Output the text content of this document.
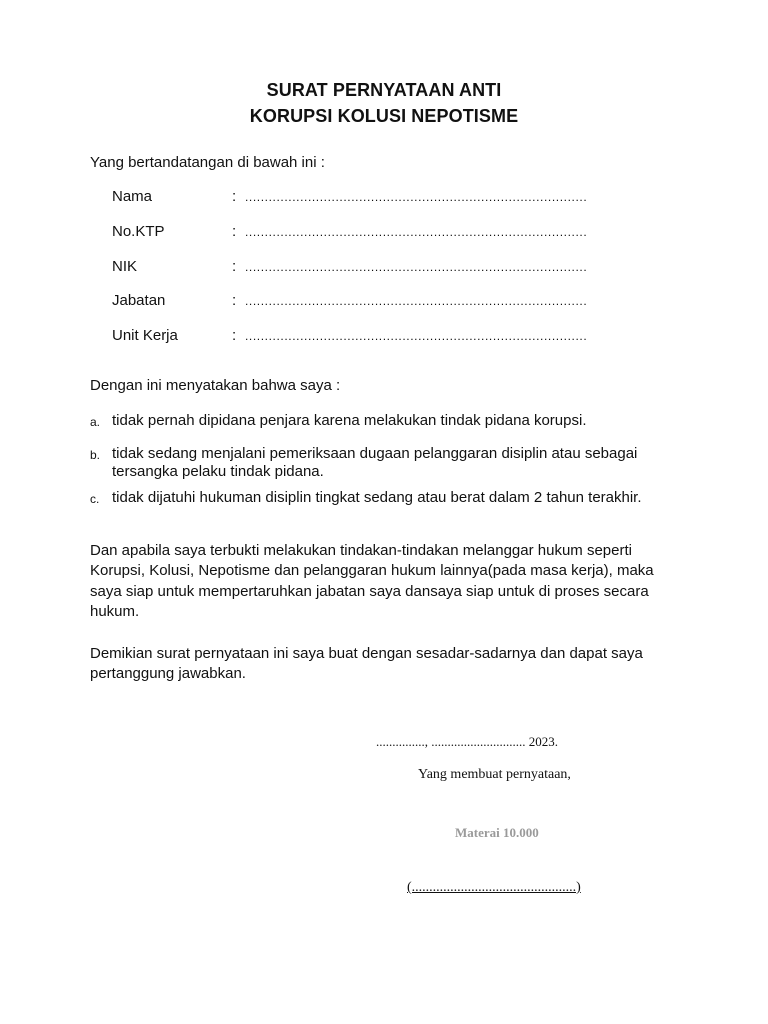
SURAT PERNYATAAN ANTI
KORUPSI KOLUSI NEPOTISME
Yang bertandatangan di bawah ini :
Nama	: .......................................................................................
No.KTP	: .......................................................................................
NIK	: .......................................................................................
Jabatan	: .......................................................................................
Unit Kerja	: .......................................................................................
Dengan ini menyatakan bahwa saya :
a. tidak pernah dipidana penjara karena melakukan tindak pidana korupsi.
b. tidak sedang menjalani pemeriksaan dugaan pelanggaran disiplin atau sebagai
tersangka pelaku tindak pidana.
c. tidak dijatuhi hukuman disiplin tingkat sedang atau berat dalam 2 tahun terakhir.
Dan apabila saya terbukti melakukan tindakan-tindakan melanggar hukum seperti
Korupsi, Kolusi, Nepotisme dan pelanggaran hukum lainnya(pada masa kerja), maka
saya siap untuk mempertaruhkan jabatan saya dansaya siap untuk di proses secara
hukum.
Demikian surat pernyataan ini saya buat dengan sesadar-sadarnya dan dapat saya
pertanggung jawabkan.
..............., ............................. 2023.
Yang membuat pernyataan,
Materai 10.000
(...............................................)
